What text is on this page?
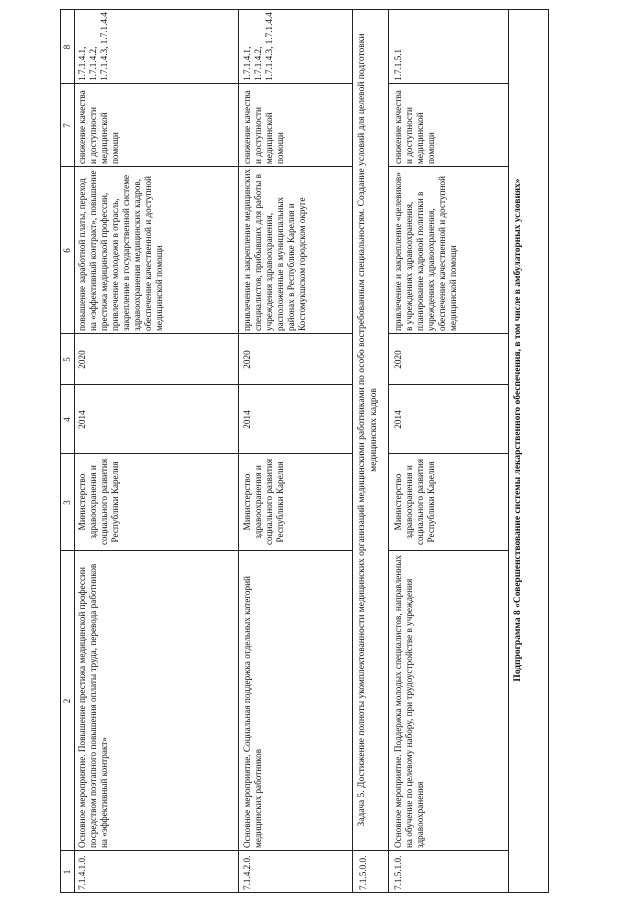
1
2
3
4
5
6
7
8
7.1.4.1.0.
Основное мероприятие. Повышение престижа медицинской профессии посредством поэтапного повышения оплаты труда, перевода работников на «эффективный контракт»
Министерство здравоохранения и социального развития Республики Карелия
2014
2020
повышение заработной платы, переход на «эффективный контракт», повышение престижа медицинской профессии, привлечение молодежи в отрасль, закрепление в государственной системе здравоохранения медицинских кадров, обеспечение качественной и доступной медицинской помощи
снижение качества и доступности медицинской помощи
1.7.1.4.1, 1.7.1.4.2, 1.7.1.4.3, 1.7.1.4.4
7.1.4.2.0.
Основное мероприятие. Социальная поддержка отдельных категорий медицинских работников
Министерство здравоохранения и социального развития Республики Карелия
2014
2020
привлечение и закрепление медицинских специалистов, прибывших для работы в учреждения здравоохранения, расположенные в муниципальных районах в Республике Карелия и Костомукшском городском округе
снижение качества и доступности медицинской помощи
1.7.1.4.1, 1.7.1.4.2, 1.7.1.4.3, 1.7.1.4.4
7.1.5.0.0.
Задача 5. Достижение полноты укомплектованности медицинских организаций медицинскими работниками по особо востребованным специальностям. Создание условий для целевой подготовки медицинских кадров
7.1.5.1.0.
Основное мероприятие. Поддержка молодых специалистов, направленных на обучение по целевому набору, при трудоустройстве в учреждения здравоохранения
Министерство здравоохранения и социального развития Республики Карелия
2014
2020
привлечение и закрепление «целевиков» в учреждениях здравоохранения, планирование кадровой политики в учреждениях здравоохранения, обеспечение качественной и доступной медицинской помощи
снижение качества и доступности медицинской помощи
1.7.1.5.1
Подпрограмма 8 «Совершенствование системы лекарственного обеспечения, в том числе в амбулаторных условиях»
